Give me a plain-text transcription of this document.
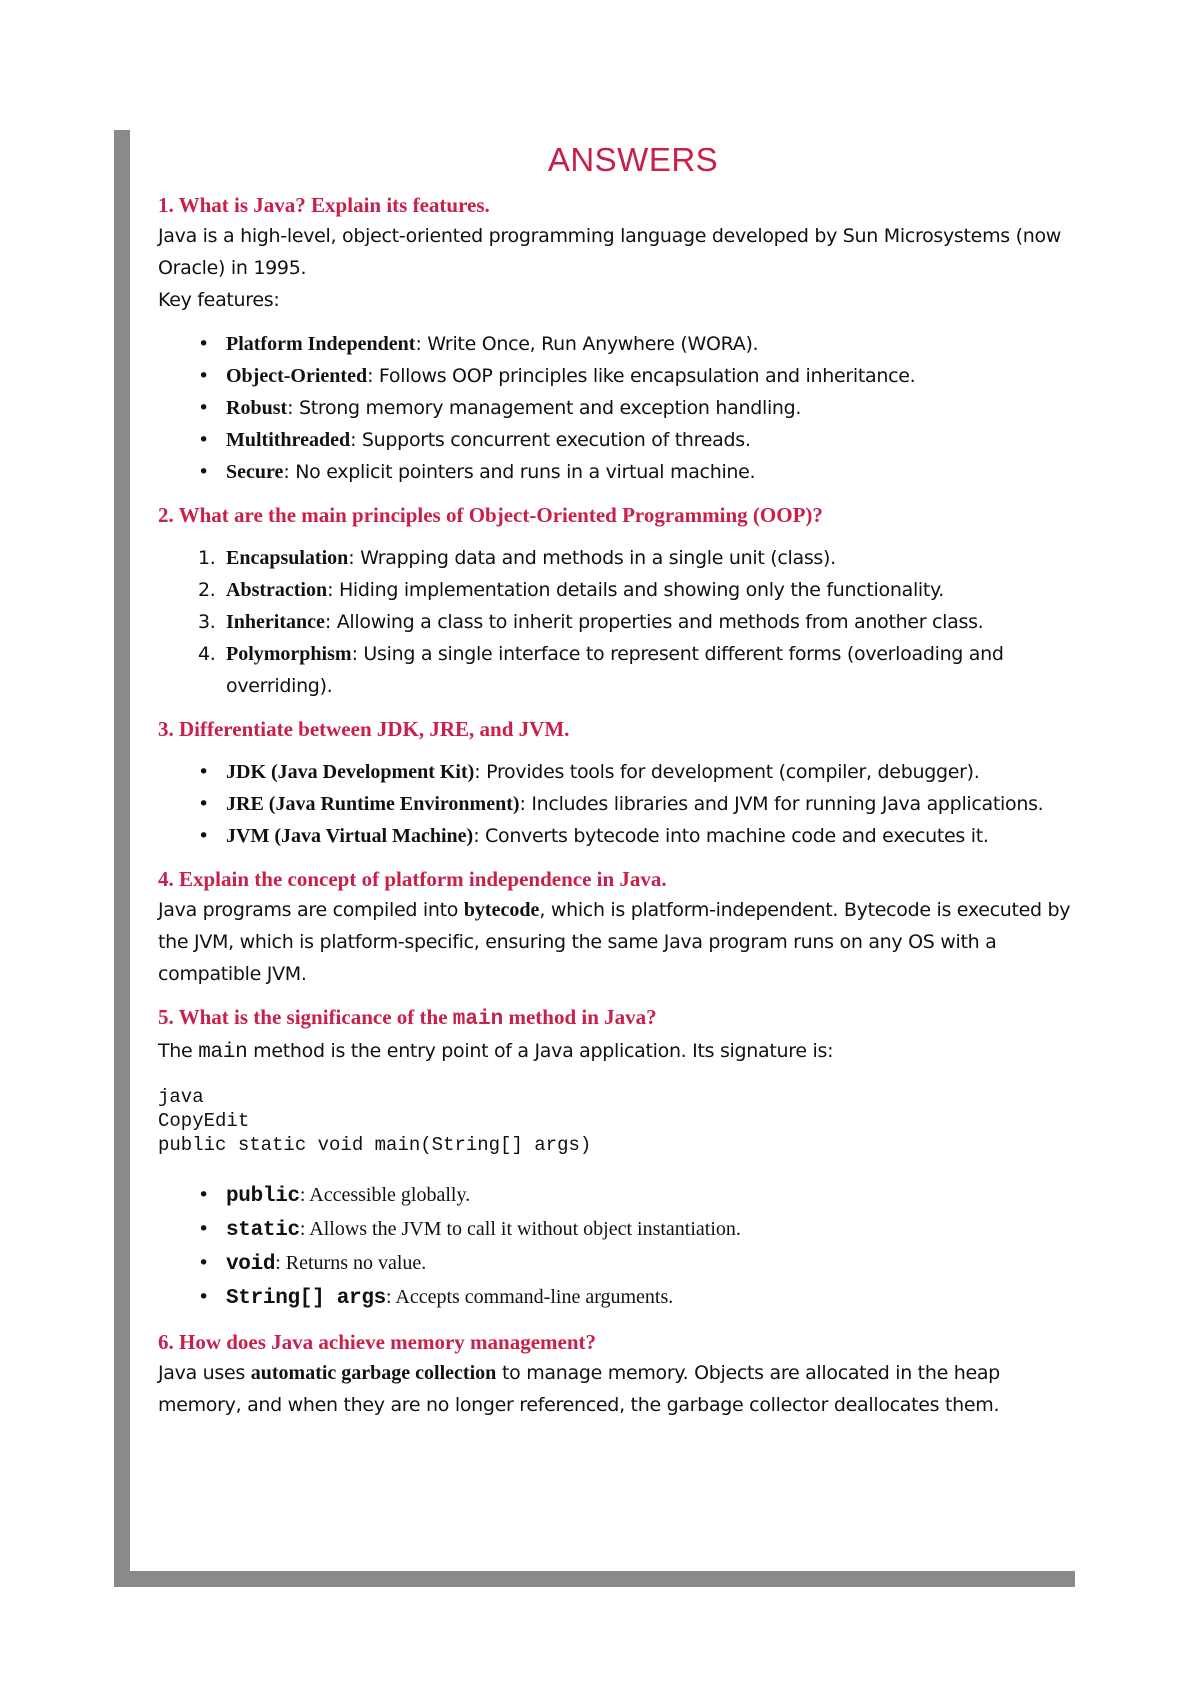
ANSWERS
1. What is Java? Explain its features.
Java is a high-level, object-oriented programming language developed by Sun Microsystems (now Oracle) in 1995.
Key features:
• Platform Independent: Write Once, Run Anywhere (WORA).
• Object-Oriented: Follows OOP principles like encapsulation and inheritance.
• Robust: Strong memory management and exception handling.
• Multithreaded: Supports concurrent execution of threads.
• Secure: No explicit pointers and runs in a virtual machine.
2. What are the main principles of Object-Oriented Programming (OOP)?
1. Encapsulation: Wrapping data and methods in a single unit (class).
2. Abstraction: Hiding implementation details and showing only the functionality.
3. Inheritance: Allowing a class to inherit properties and methods from another class.
4. Polymorphism: Using a single interface to represent different forms (overloading and overriding).
3. Differentiate between JDK, JRE, and JVM.
• JDK (Java Development Kit): Provides tools for development (compiler, debugger).
• JRE (Java Runtime Environment): Includes libraries and JVM for running Java applications.
• JVM (Java Virtual Machine): Converts bytecode into machine code and executes it.
4. Explain the concept of platform independence in Java.
Java programs are compiled into bytecode, which is platform-independent. Bytecode is executed by the JVM, which is platform-specific, ensuring the same Java program runs on any OS with a compatible JVM.
5. What is the significance of the main method in Java?
The main method is the entry point of a Java application. Its signature is:
java
CopyEdit
public static void main(String[] args)
• public: Accessible globally.
• static: Allows the JVM to call it without object instantiation.
• void: Returns no value.
• String[] args: Accepts command-line arguments.
6. How does Java achieve memory management?
Java uses automatic garbage collection to manage memory. Objects are allocated in the heap memory, and when they are no longer referenced, the garbage collector deallocates them.
